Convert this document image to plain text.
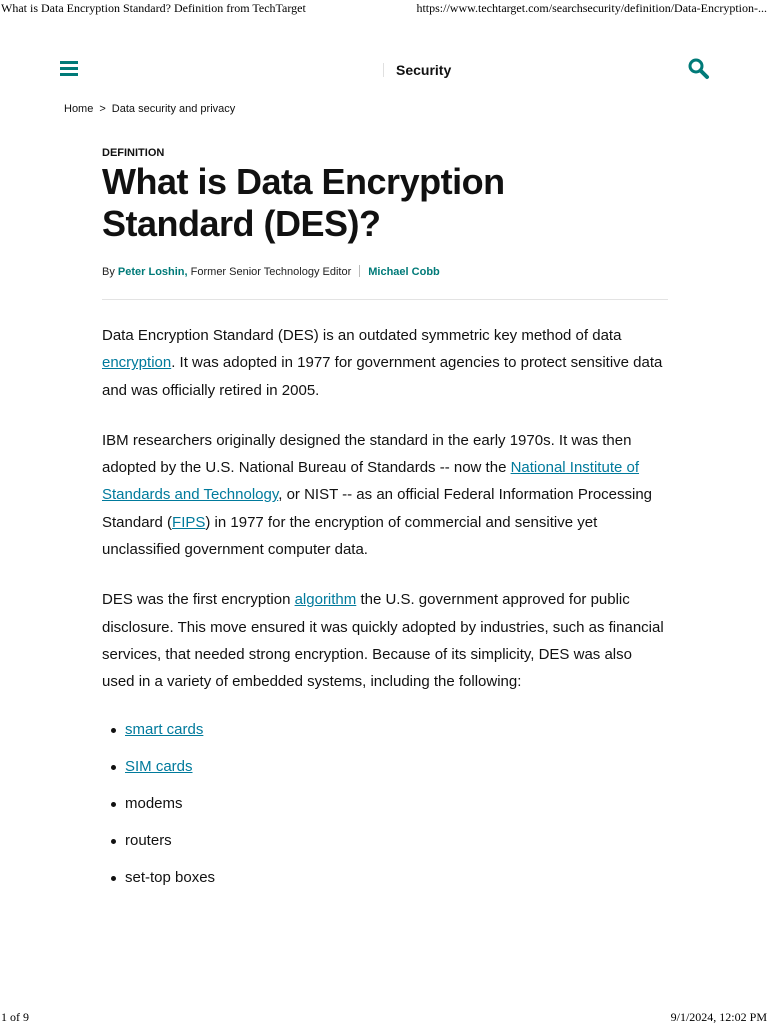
What is Data Encryption Standard? Definition from TechTarget	https://www.techtarget.com/searchsecurity/definition/Data-Encryption-...
Security
Home > Data security and privacy

DEFINITION

What is Data Encryption
Standard (DES)?
By Peter Loshin, Former Senior Technology Editor Michael Cobb

Data Encryption Standard (DES) is an outdated symmetric key method of data encryption. It was adopted in 1977 for government agencies to protect sensitive data and was officially retired in 2005.

IBM researchers originally designed the standard in the early 1970s. It was then adopted by the U.S. National Bureau of Standards -- now the National Institute of Standards and Technology, or NIST -- as an official Federal Information Processing Standard (FIPS) in 1977 for the encryption of commercial and sensitive yet unclassified government computer data.

DES was the first encryption algorithm the U.S. government approved for public disclosure. This move ensured it was quickly adopted by industries, such as financial services, that needed strong encryption. Because of its simplicity, DES was also used in a variety of embedded systems, including the following:

smart cards
SIM cards
modems
routers
set-top boxes
1 of 9	9/1/2024, 12:02 PM
